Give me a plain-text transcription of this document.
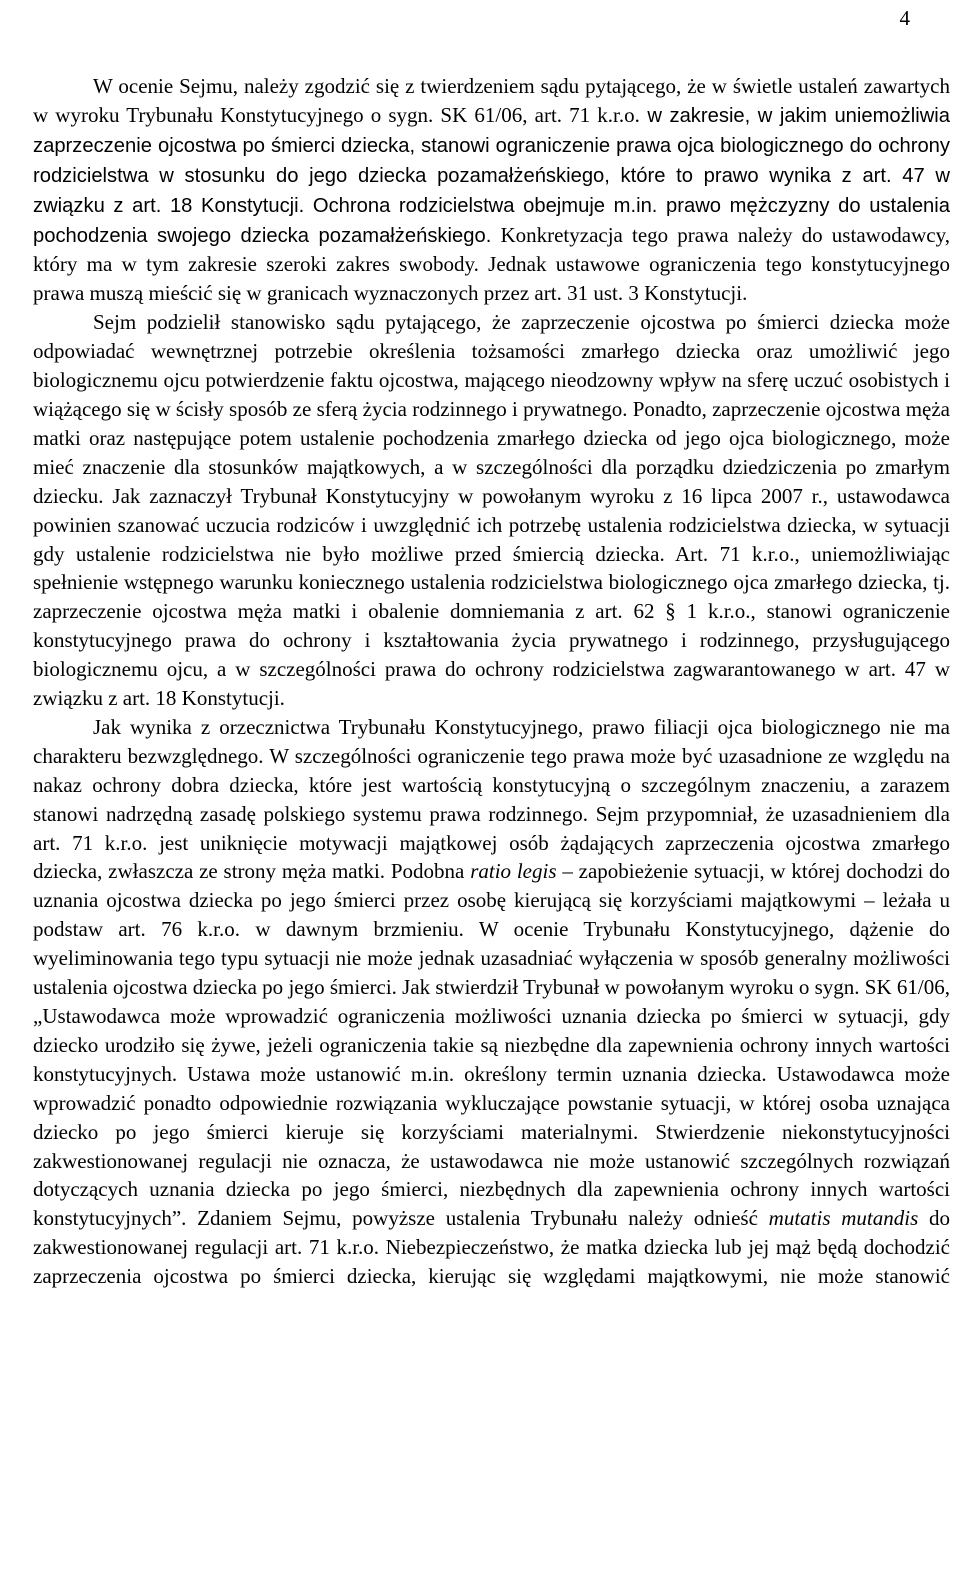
4

W ocenie Sejmu, należy zgodzić się z twierdzeniem sądu pytającego, że w świetle ustaleń zawartych w wyroku Trybunału Konstytucyjnego o sygn. SK 61/06, art. 71 k.r.o. w zakresie, w jakim uniemożliwia zaprzeczenie ojcostwa po śmierci dziecka, stanowi ograniczenie prawa ojca biologicznego do ochrony rodzicielstwa w stosunku do jego dziecka pozamałżeńskiego, które to prawo wynika z art. 47 w związku z art. 18 Konstytucji. Ochrona rodzicielstwa obejmuje m.in. prawo mężczyzny do ustalenia pochodzenia swojego dziecka pozamałżeńskiego. Konkretyzacja tego prawa należy do ustawodawcy, który ma w tym zakresie szeroki zakres swobody. Jednak ustawowe ograniczenia tego konstytucyjnego prawa muszą mieścić się w granicach wyznaczonych przez art. 31 ust. 3 Konstytucji.

Sejm podzielił stanowisko sądu pytającego, że zaprzeczenie ojcostwa po śmierci dziecka może odpowiadać wewnętrznej potrzebie określenia tożsamości zmarłego dziecka oraz umożliwić jego biologicznemu ojcu potwierdzenie faktu ojcostwa, mającego nieodzowny wpływ na sferę uczuć osobistych i wiążącego się w ścisły sposób ze sferą życia rodzinnego i prywatnego. Ponadto, zaprzeczenie ojcostwa męża matki oraz następujące potem ustalenie pochodzenia zmarłego dziecka od jego ojca biologicznego, może mieć znaczenie dla stosunków majątkowych, a w szczególności dla porządku dziedziczenia po zmarłym dziecku. Jak zaznaczył Trybunał Konstytucyjny w powołanym wyroku z 16 lipca 2007 r., ustawodawca powinien szanować uczucia rodziców i uwzględnić ich potrzebę ustalenia rodzicielstwa dziecka, w sytuacji gdy ustalenie rodzicielstwa nie było możliwe przed śmiercią dziecka. Art. 71 k.r.o., uniemożliwiając spełnienie wstępnego warunku koniecznego ustalenia rodzicielstwa biologicznego ojca zmarłego dziecka, tj. zaprzeczenie ojcostwa męża matki i obalenie domniemania z art. 62 § 1 k.r.o., stanowi ograniczenie konstytucyjnego prawa do ochrony i kształtowania życia prywatnego i rodzinnego, przysługującego biologicznemu ojcu, a w szczególności prawa do ochrony rodzicielstwa zagwarantowanego w art. 47 w związku z art. 18 Konstytucji.

Jak wynika z orzecznictwa Trybunału Konstytucyjnego, prawo filiacji ojca biologicznego nie ma charakteru bezwzględnego. W szczególności ograniczenie tego prawa może być uzasadnione ze względu na nakaz ochrony dobra dziecka, które jest wartością konstytucyjną o szczególnym znaczeniu, a zarazem stanowi nadrzędną zasadę polskiego systemu prawa rodzinnego. Sejm przypomniał, że uzasadnieniem dla art. 71 k.r.o. jest uniknięcie motywacji majątkowej osób żądających zaprzeczenia ojcostwa zmarłego dziecka, zwłaszcza ze strony męża matki. Podobna ratio legis – zapobieżenie sytuacji, w której dochodzi do uznania ojcostwa dziecka po jego śmierci przez osobę kierującą się korzyściami majątkowymi – leżała u podstaw art. 76 k.r.o. w dawnym brzmieniu. W ocenie Trybunału Konstytucyjnego, dążenie do wyeliminowania tego typu sytuacji nie może jednak uzasadniać wyłączenia w sposób generalny możliwości ustalenia ojcostwa dziecka po jego śmierci. Jak stwierdził Trybunał w powołanym wyroku o sygn. SK 61/06, „Ustawodawca może wprowadzić ograniczenia możliwości uznania dziecka po śmierci w sytuacji, gdy dziecko urodziło się żywe, jeżeli ograniczenia takie są niezbędne dla zapewnienia ochrony innych wartości konstytucyjnych. Ustawa może ustanowić m.in. określony termin uznania dziecka. Ustawodawca może wprowadzić ponadto odpowiednie rozwiązania wykluczające powstanie sytuacji, w której osoba uznająca dziecko po jego śmierci kieruje się korzyściami materialnymi. Stwierdzenie niekonstytucyjności zakwestionowanej regulacji nie oznacza, że ustawodawca nie może ustanowić szczególnych rozwiązań dotyczących uznania dziecka po jego śmierci, niezbędnych dla zapewnienia ochrony innych wartości konstytucyjnych”. Zdaniem Sejmu, powyższe ustalenia Trybunału należy odnieść mutatis mutandis do zakwestionowanej regulacji art. 71 k.r.o. Niebezpieczeństwo, że matka dziecka lub jej mąż będą dochodzić zaprzeczenia ojcostwa po śmierci dziecka, kierując się względami majątkowymi, nie może stanowić
